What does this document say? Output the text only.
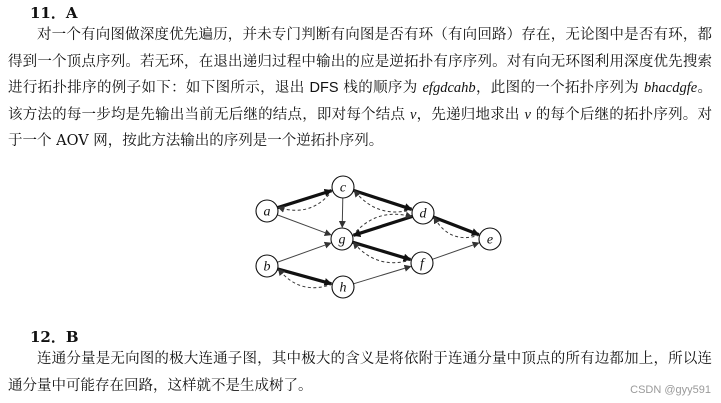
11．A
对一个有向图做深度优先遍历，并未专门判断有向图是否有环（有向回路）存在，无论图中是否有环，都得到一个顶点序列。若无环，在退出递归过程中输出的应是逆拓扑有序序列。对有向无环图利用深度优先搜索进行拓扑排序的例子如下：如下图所示，退出 DFS 栈的顺序为 efgdcahb，此图的一个拓扑序列为 bhacdgfe。该方法的每一步均是先输出当前无后继的结点，即对每个结点 v，先递归地求出 v 的每个后继的拓扑序列。对于一个 AOV 网，按此方法输出的序列是一个逆拓扑序列。
a
b
c
d
e
f
g
h
12．B
连通分量是无向图的极大连通子图，其中极大的含义是将依附于连通分量中顶点的所有边都加上，所以连通分量中可能存在回路，这样就不是生成树了。	CSDN @gyy591
